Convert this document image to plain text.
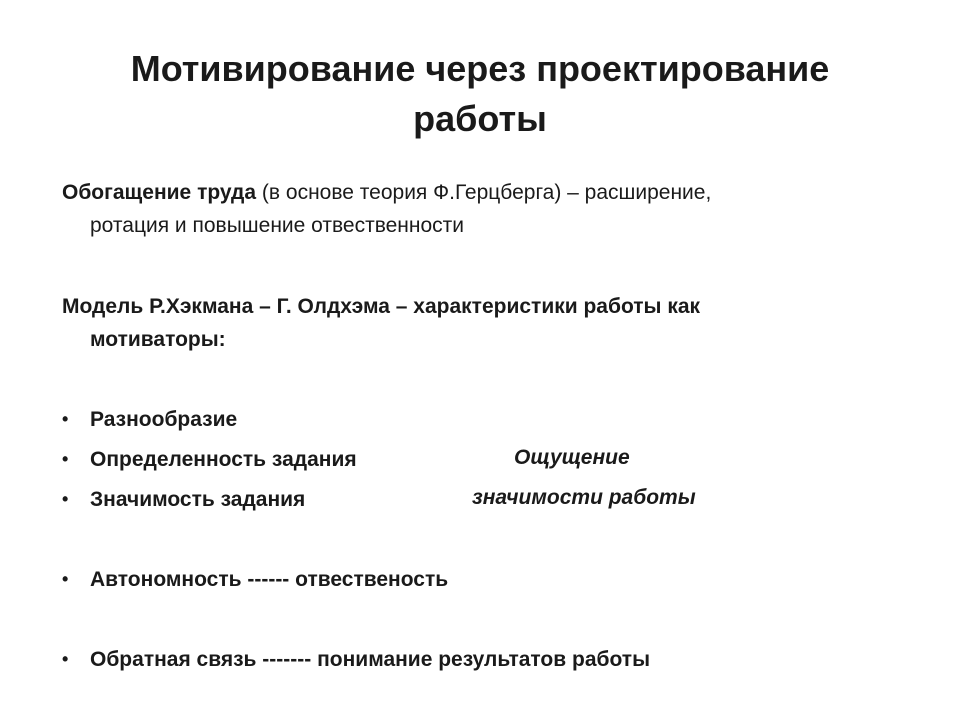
Мотивирование через проектирование
работы
Обогащение труда (в основе теория Ф.Герцберга) – расширение,
ротация и повышение отвественности
Модель Р.Хэкмана – Г. Олдхэма – характеристики работы как
мотиваторы:
• Разнообразие
• Определенность задания
• Значимость задания
• Автономность ------ отвественость
• Обратная связь ------- понимание результатов работы
Ощущение
значимости работы
